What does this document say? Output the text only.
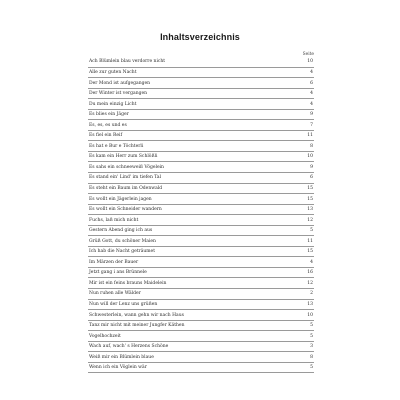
Inhaltsverzeichnis
Seite
Ach Blümlein blau verdorre nicht	10
Alle zur guten Nacht	4
Der Mond ist aufgegangen	6
Der Winter ist vergangen	4
Du mein einzig Licht	4
Es blies ein Jäger	9
Es, es, es und es	7
Es fiel ein Reif	11
Es hat e Bur e Töchterli	8
Es kam ein Herr zum Schlößli	10
Es sahs ein schneeweiß Vögelein	9
Es stand ein' Lind' im tiefen Tal	6
Es steht ein Baum im Odenwald	15
Es wollt ein Jägerlein jagen	15
Es wollt ein Schneider wandern	13
Fuchs, laß mich nicht	12
Gestern Abend ging ich aus	5
Grüß Gott, du schöner Maien	11
Ich hab die Nacht geträumet	15
Im Märzen der Bauer	4
Jetzt gang i ans Brünnele	16
Mir ist ein feins brauns Maidelein	12
Nun ruhen alle Wälder	2
Nun will der Lenz uns grüßen	13
Schwesterlein, wann gehn wir nach Haus	10
Tanz mir nicht mit meiner Jungfer Käthen	5
Vogelhochzeit	5
Wach auf, wach' s Herzens Schöne	3
Weiß mir ein Blümlein blaue	8
Wenn ich ein Vöglein wär	5
